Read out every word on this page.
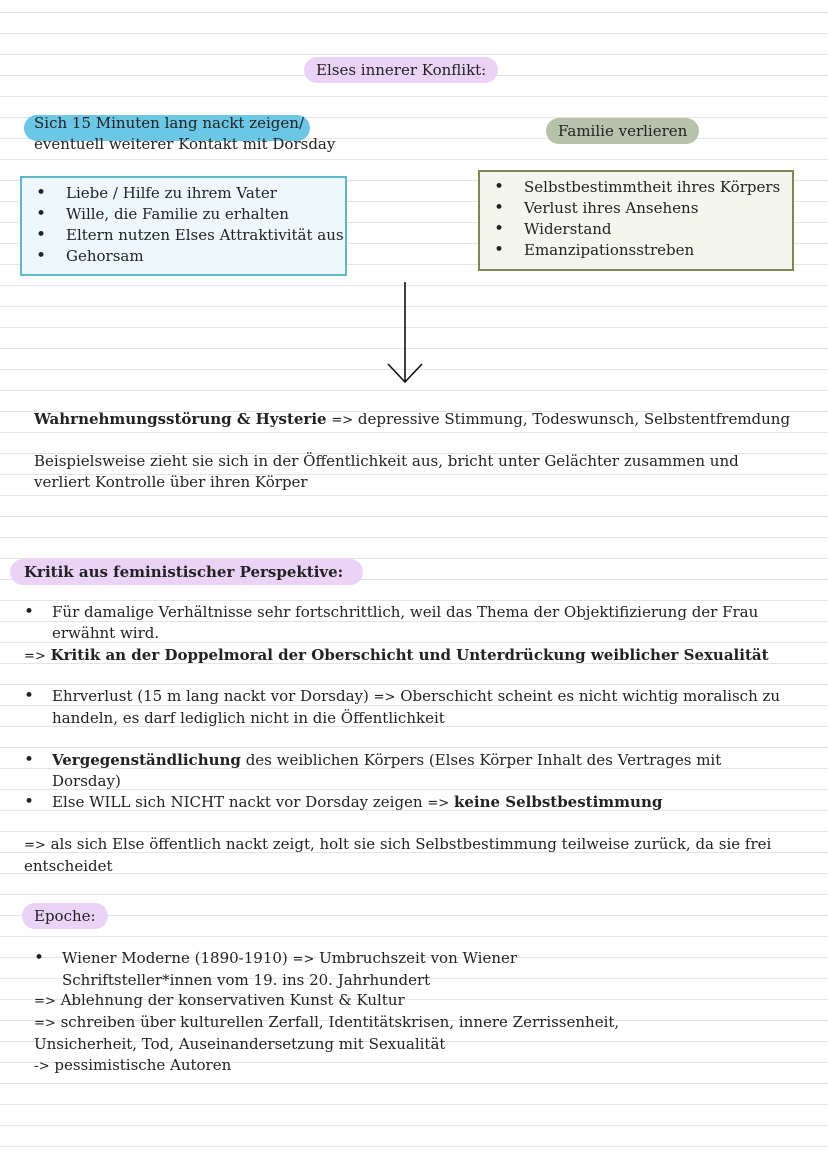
Elses innerer Konflikt:
Sich 15 Minuten lang nackt zeigen/
eventuell weiterer Kontakt mit Dorsday
Familie verlieren
• Liebe / Hilfe zu ihrem Vater
• Wille, die Familie zu erhalten
• Eltern nutzen Elses Attraktivität aus
• Gehorsam
• Selbstbestimmtheit ihres Körpers
• Verlust ihres Ansehens
• Widerstand
• Emanzipationsstreben
Wahrnehmungsstörung & Hysterie => depressive Stimmung, Todeswunsch, Selbstentfremdung
Beispielsweise zieht sie sich in der Öffentlichkeit aus, bricht unter Gelächter zusammen und
verliert Kontrolle über ihren Körper
Kritik aus feministischer Perspektive:
• Für damalige Verhältnisse sehr fortschrittlich, weil das Thema der Objektifizierung der Frau
erwähnt wird.
=> Kritik an der Doppelmoral der Oberschicht und Unterdrückung weiblicher Sexualität
• Ehrverlust (15 m lang nackt vor Dorsday) => Oberschicht scheint es nicht wichtig moralisch zu
handeln, es darf lediglich nicht in die Öffentlichkeit
• Vergegenständlichung des weiblichen Körpers (Elses Körper Inhalt des Vertrages mit
Dorsday)
• Else WILL sich NICHT nackt vor Dorsday zeigen => keine Selbstbestimmung
=> als sich Else öffentlich nackt zeigt, holt sie sich Selbstbestimmung teilweise zurück, da sie frei
entscheidet
Epoche:
• Wiener Moderne (1890-1910) => Umbruchszeit von Wiener
Schriftsteller*innen vom 19. ins 20. Jahrhundert
=> Ablehnung der konservativen Kunst & Kultur
=> schreiben über kulturellen Zerfall, Identitätskrisen, innere Zerrissenheit,
Unsicherheit, Tod, Auseinandersetzung mit Sexualität
-> pessimistische Autoren
